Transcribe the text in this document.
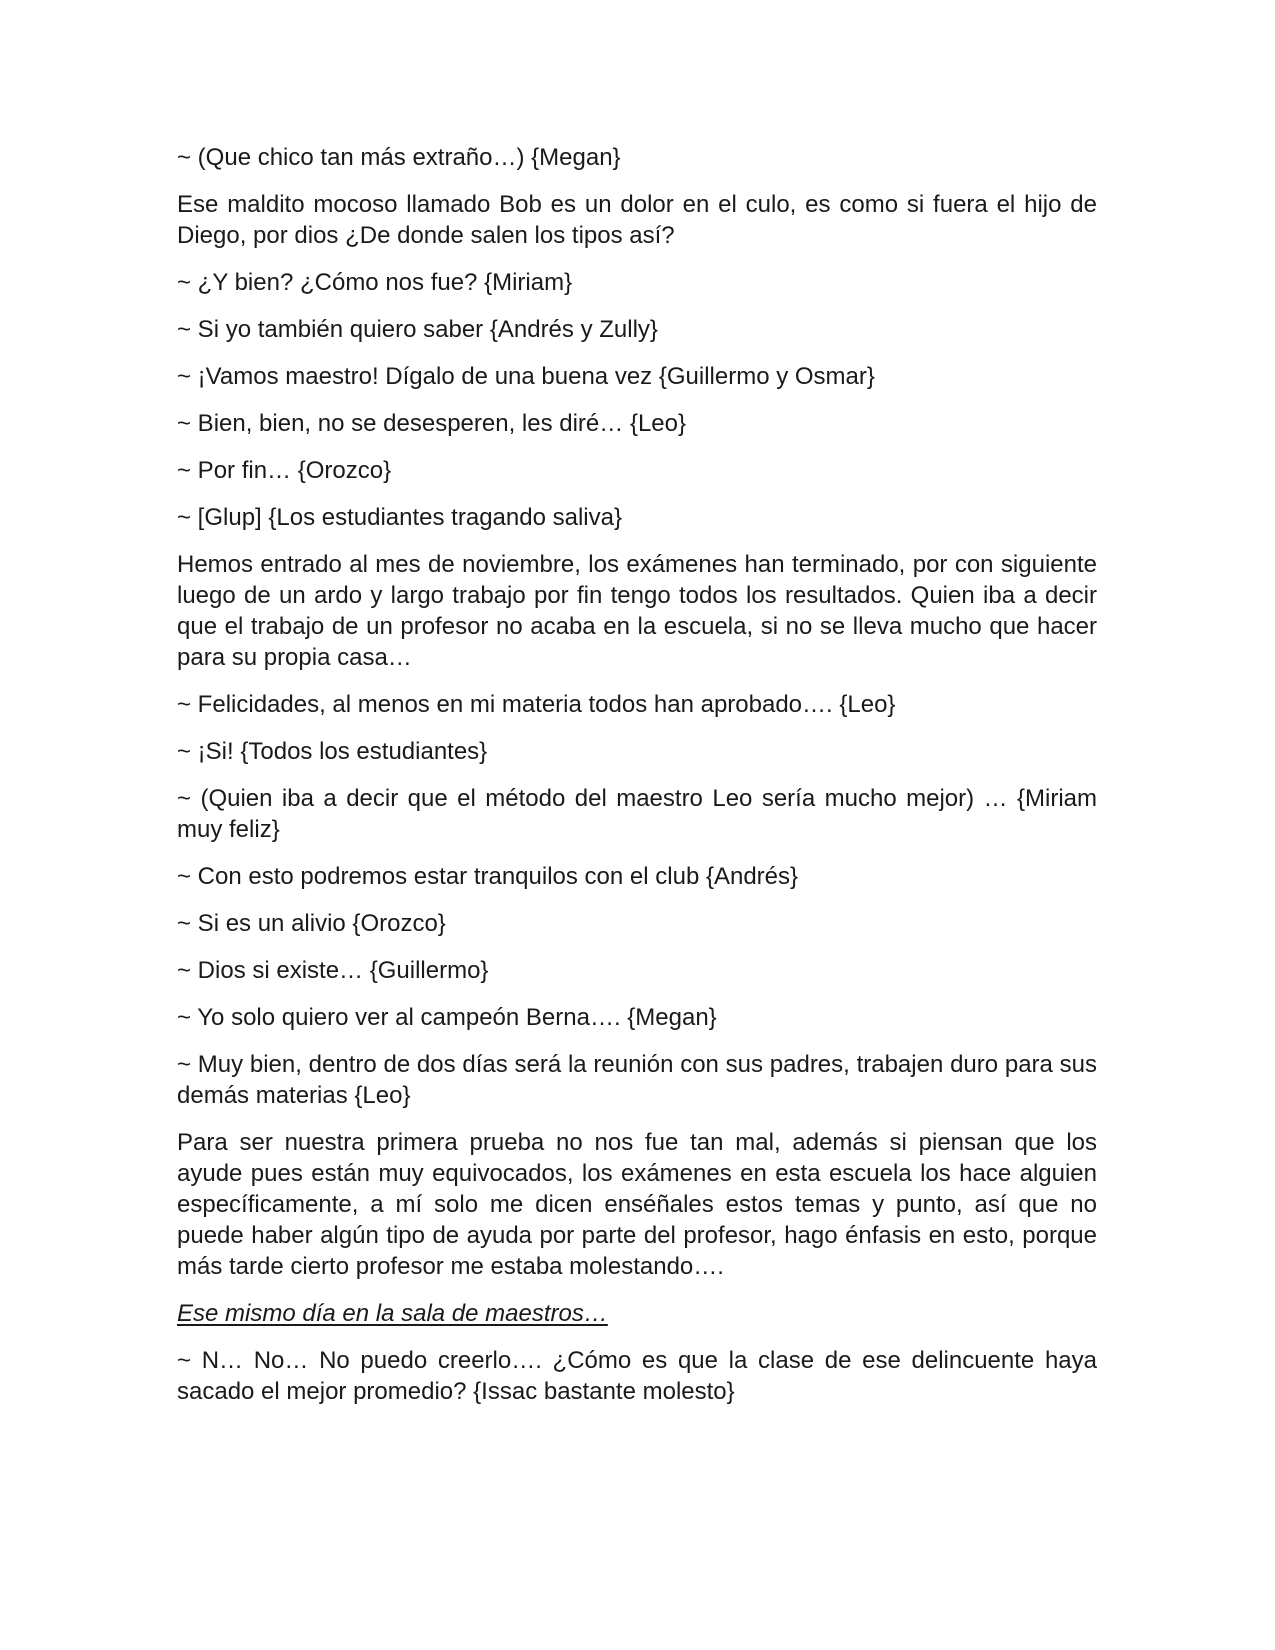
~ (Que chico tan más extraño…) {Megan}

Ese maldito mocoso llamado Bob es un dolor en el culo, es como si fuera el hijo de Diego, por dios ¿De donde salen los tipos así?

~ ¿Y bien? ¿Cómo nos fue? {Miriam}

~ Si yo también quiero saber {Andrés y Zully}

~ ¡Vamos maestro! Dígalo de una buena vez {Guillermo y Osmar}

~ Bien, bien, no se desesperen, les diré… {Leo}

~ Por fin… {Orozco}

~ [Glup] {Los estudiantes tragando saliva}

Hemos entrado al mes de noviembre, los exámenes han terminado, por con siguiente luego de un ardo y largo trabajo por fin tengo todos los resultados. Quien iba a decir que el trabajo de un profesor no acaba en la escuela, si no se lleva mucho que hacer para su propia casa…

~ Felicidades, al menos en mi materia todos han aprobado…. {Leo}

~ ¡Si! {Todos los estudiantes}

~ (Quien iba a decir que el método del maestro Leo sería mucho mejor) … {Miriam muy feliz}

~ Con esto podremos estar tranquilos con el club {Andrés}

~ Si es un alivio {Orozco}

~ Dios si existe… {Guillermo}

~ Yo solo quiero ver al campeón Berna…. {Megan}

~ Muy bien, dentro de dos días será la reunión con sus padres, trabajen duro para sus demás materias {Leo}

Para ser nuestra primera prueba no nos fue tan mal, además si piensan que los ayude pues están muy equivocados, los exámenes en esta escuela los hace alguien específicamente, a mí solo me dicen enséñales estos temas y punto, así que no puede haber algún tipo de ayuda por parte del profesor, hago énfasis en esto, porque más tarde cierto profesor me estaba molestando….

Ese mismo día en la sala de maestros…

~ N… No… No puedo creerlo…. ¿Cómo es que la clase de ese delincuente haya sacado el mejor promedio? {Issac bastante molesto}
